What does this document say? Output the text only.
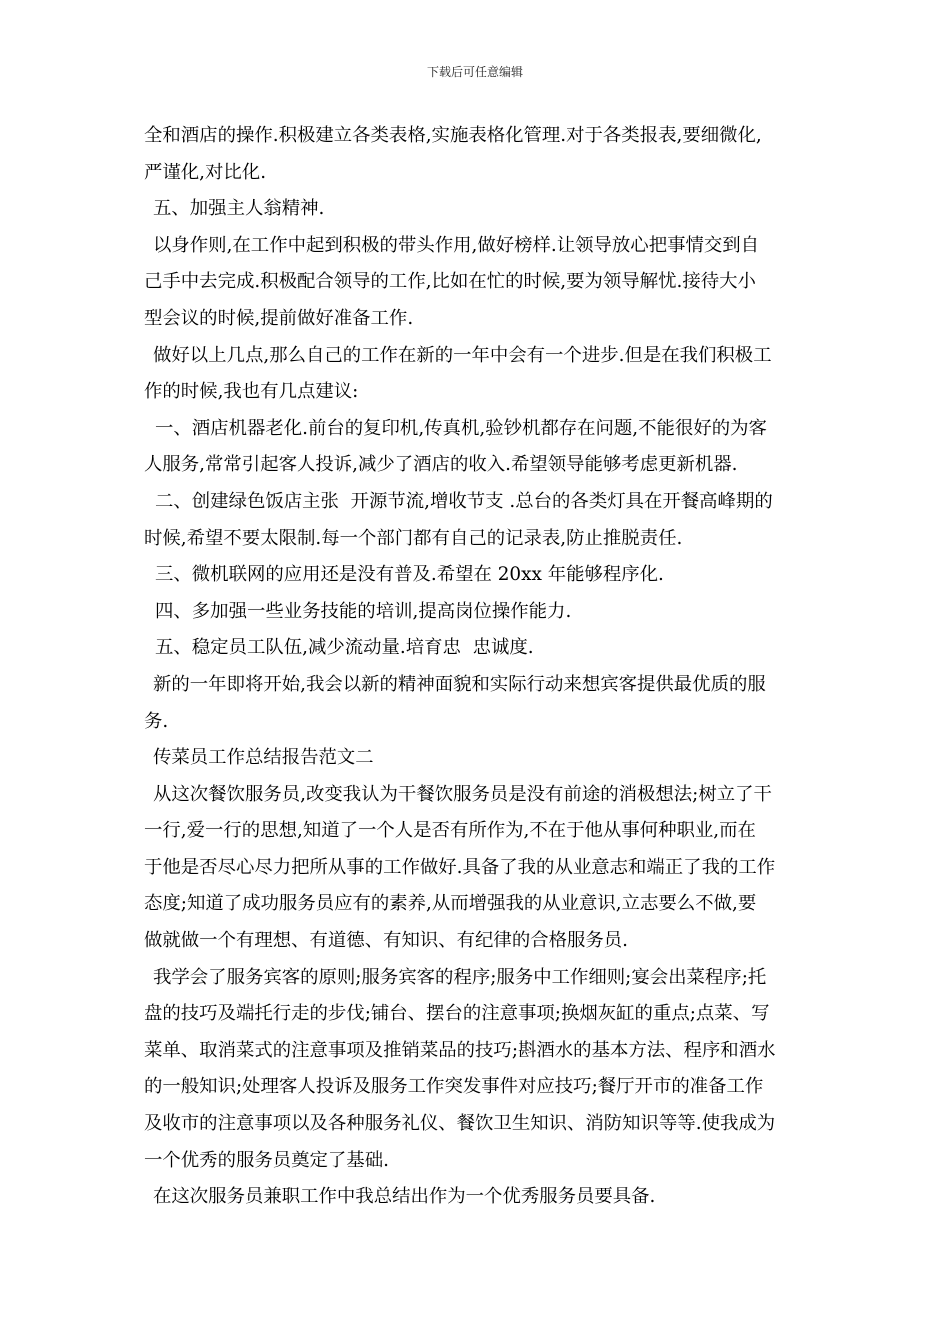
下载后可任意编辑
全和酒店的操作.积极建立各类表格,实施表格化管理.对于各类报表,要细微化,
严谨化,对比化.
五、加强主人翁精神.
以身作则,在工作中起到积极的带头作用,做好榜样.让领导放心把事情交到自
己手中去完成.积极配合领导的工作,比如在忙的时候,要为领导解忧.接待大小
型会议的时候,提前做好准备工作.
做好以上几点,那么自己的工作在新的一年中会有一个进步.但是在我们积极工
作的时候,我也有几点建议:
一、酒店机器老化.前台的复印机,传真机,验钞机都存在问题,不能很好的为客
人服务,常常引起客人投诉,减少了酒店的收入.希望领导能够考虑更新机器.
二、创建绿色饭店主张  开源节流,增收节支 .总台的各类灯具在开餐高峰期的
时候,希望不要太限制.每一个部门都有自己的记录表,防止推脱责任.
三、微机联网的应用还是没有普及.希望在 20xx 年能够程序化.
四、多加强一些业务技能的培训,提高岗位操作能力.
五、稳定员工队伍,减少流动量.培育忠  忠诚度.
新的一年即将开始,我会以新的精神面貌和实际行动来想宾客提供最优质的服
务.
传菜员工作总结报告范文二
从这次餐饮服务员,改变我认为干餐饮服务员是没有前途的消极想法;树立了干
一行,爱一行的思想,知道了一个人是否有所作为,不在于他从事何种职业,而在
于他是否尽心尽力把所从事的工作做好.具备了我的从业意志和端正了我的工作
态度;知道了成功服务员应有的素养,从而增强我的从业意识,立志要么不做,要
做就做一个有理想、有道德、有知识、有纪律的合格服务员.
我学会了服务宾客的原则;服务宾客的程序;服务中工作细则;宴会出菜程序;托
盘的技巧及端托行走的步伐;铺台、摆台的注意事项;换烟灰缸的重点;点菜、写
菜单、取消菜式的注意事项及推销菜品的技巧;斟酒水的基本方法、程序和酒水
的一般知识;处理客人投诉及服务工作突发事件对应技巧;餐厅开市的准备工作
及收市的注意事项以及各种服务礼仪、餐饮卫生知识、消防知识等等.使我成为
一个优秀的服务员奠定了基础.
在这次服务员兼职工作中我总结出作为一个优秀服务员要具备.
